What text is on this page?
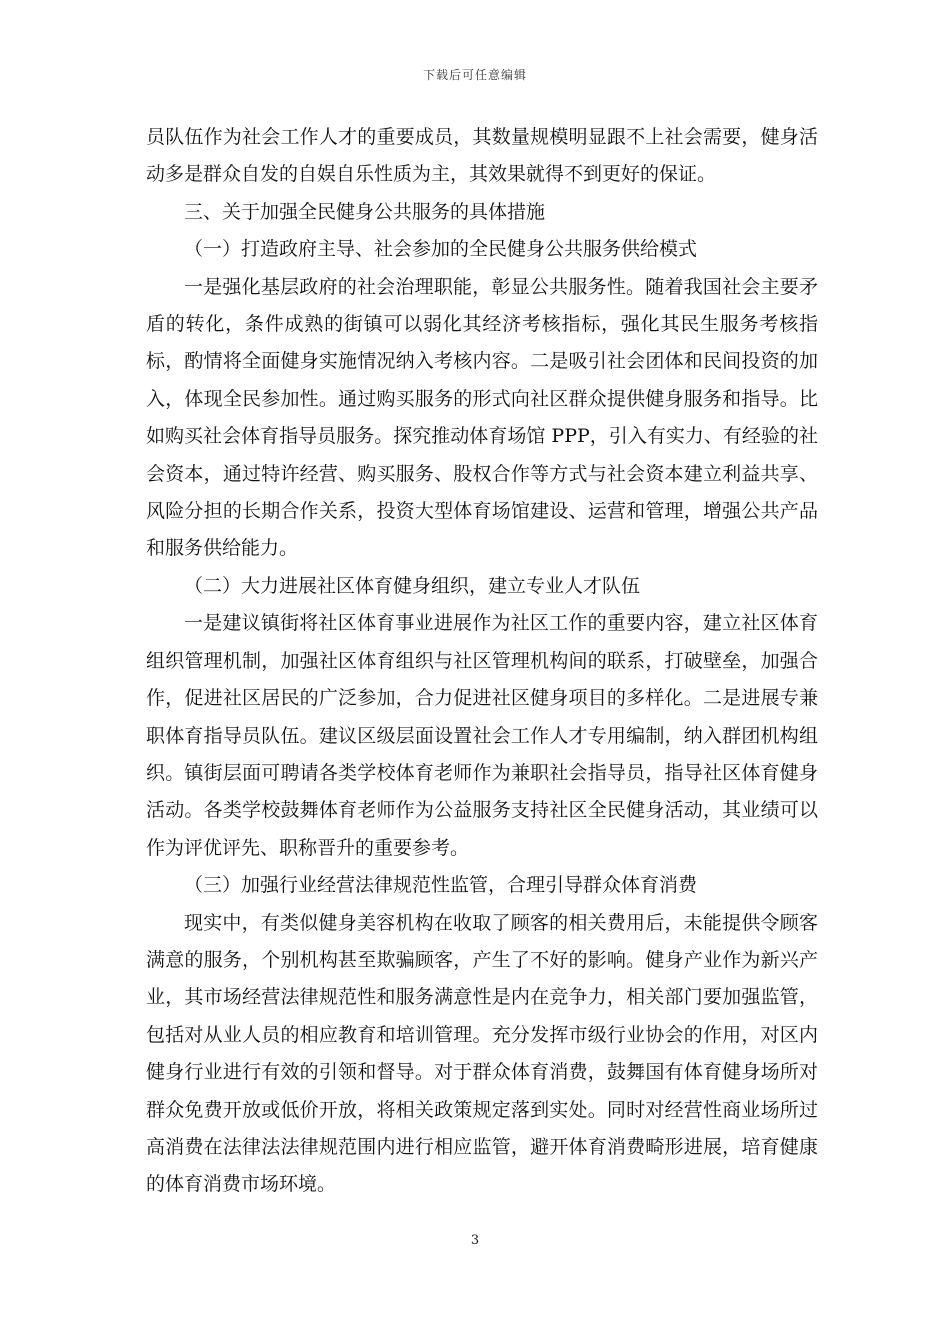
下载后可任意编辑

员队伍作为社会工作人才的重要成员，其数量规模明显跟不上社会需要，健身活动多是群众自发的自娱自乐性质为主，其效果就得不到更好的保证。

三、关于加强全民健身公共服务的具体措施

（一）打造政府主导、社会参加的全民健身公共服务供给模式

一是强化基层政府的社会治理职能，彰显公共服务性。随着我国社会主要矛盾的转化，条件成熟的街镇可以弱化其经济考核指标，强化其民生服务考核指标，酌情将全面健身实施情况纳入考核内容。二是吸引社会团体和民间投资的加入，体现全民参加性。通过购买服务的形式向社区群众提供健身服务和指导。比如购买社会体育指导员服务。探究推动体育场馆 PPP，引入有实力、有经验的社会资本，通过特许经营、购买服务、股权合作等方式与社会资本建立利益共享、风险分担的长期合作关系，投资大型体育场馆建设、运营和管理，增强公共产品和服务供给能力。

（二）大力进展社区体育健身组织，建立专业人才队伍

一是建议镇街将社区体育事业进展作为社区工作的重要内容，建立社区体育组织管理机制，加强社区体育组织与社区管理机构间的联系，打破壁垒，加强合作，促进社区居民的广泛参加，合力促进社区健身项目的多样化。二是进展专兼职体育指导员队伍。建议区级层面设置社会工作人才专用编制，纳入群团机构组织。镇街层面可聘请各类学校体育老师作为兼职社会指导员，指导社区体育健身活动。各类学校鼓舞体育老师作为公益服务支持社区全民健身活动，其业绩可以作为评优评先、职称晋升的重要参考。

（三）加强行业经营法律规范性监管，合理引导群众体育消费

现实中，有类似健身美容机构在收取了顾客的相关费用后，未能提供令顾客满意的服务，个别机构甚至欺骗顾客，产生了不好的影响。健身产业作为新兴产业，其市场经营法律规范性和服务满意性是内在竞争力，相关部门要加强监管，包括对从业人员的相应教育和培训管理。充分发挥市级行业协会的作用，对区内健身行业进行有效的引领和督导。对于群众体育消费，鼓舞国有体育健身场所对群众免费开放或低价开放，将相关政策规定落到实处。同时对经营性商业场所过高消费在法律法法律规范围内进行相应监管，避开体育消费畸形进展，培育健康的体育消费市场环境。

3
